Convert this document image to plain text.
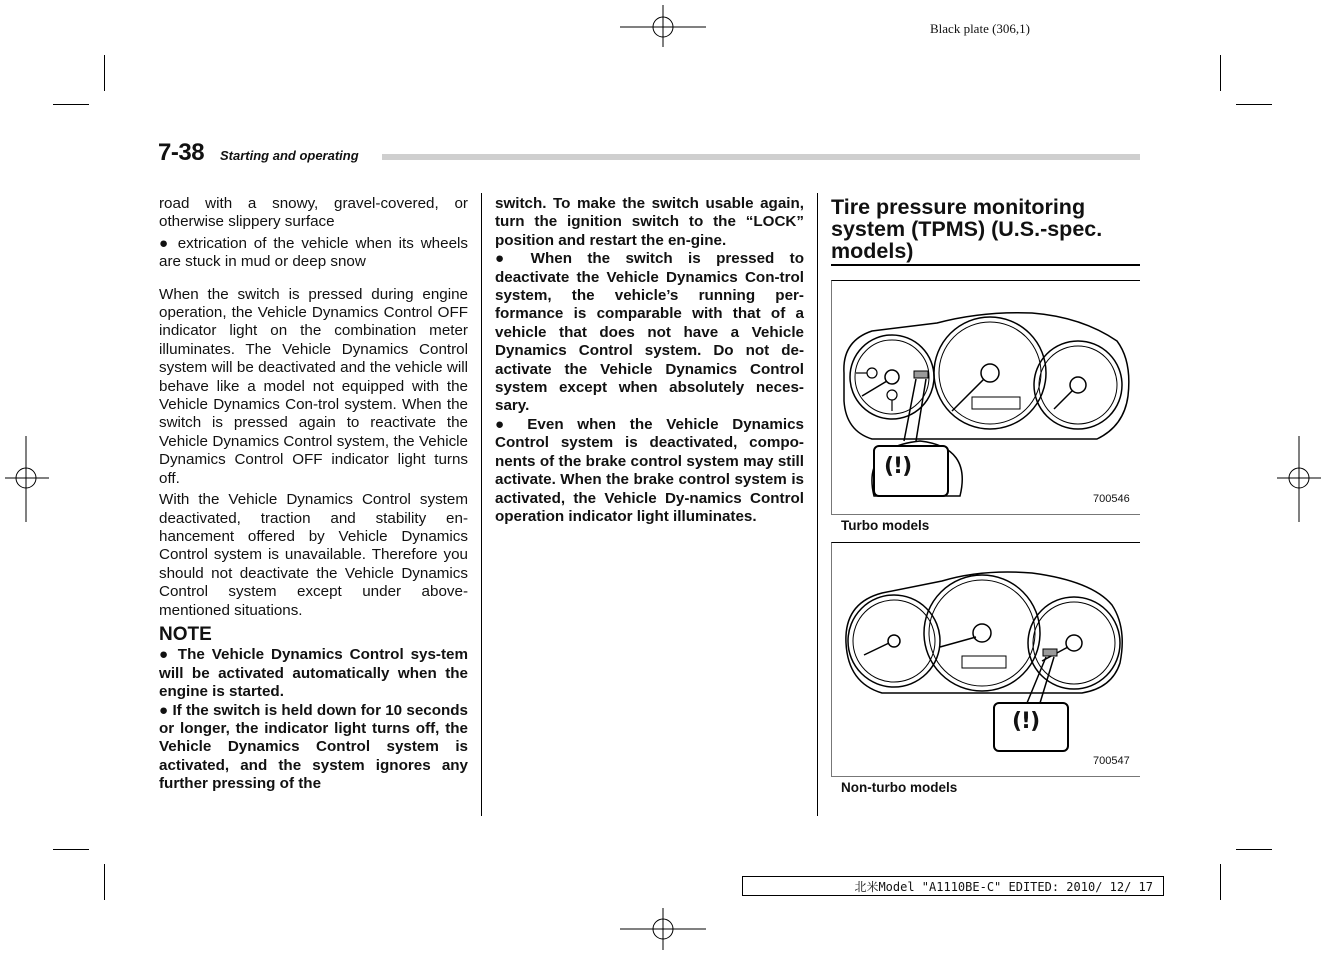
Black plate (306,1)
7-38 Starting and operating

road with a snowy, gravel-covered, or otherwise slippery surface

● extrication of the vehicle when its wheels are stuck in mud or deep snow

When the switch is pressed during engine operation, the Vehicle Dynamics Control OFF indicator light on the combination meter illuminates. The Vehicle Dynamics Control system will be deactivated and the vehicle will behave like a model not equipped with the Vehicle Dynamics Con-trol system. When the switch is pressed again to reactivate the Vehicle Dynamics Control system, the Vehicle Dynamics Control OFF indicator light turns off.

With the Vehicle Dynamics Control system deactivated, traction and stability en-hancement offered by Vehicle Dynamics Control system is unavailable. Therefore you should not deactivate the Vehicle Dynamics Control system except under above-mentioned situations.

NOTE

● The Vehicle Dynamics Control sys-tem will be activated automatically when the engine is started.

● If the switch is held down for 10 seconds or longer, the indicator light turns off, the Vehicle Dynamics Control system is activated, and the system ignores any further pressing of the

switch. To make the switch usable again, turn the ignition switch to the “LOCK” position and restart the en-gine.

● When the switch is pressed to deactivate the Vehicle Dynamics Con-trol system, the vehicle’s running per-formance is comparable with that of a vehicle that does not have a Vehicle Dynamics Control system. Do not de-activate the Vehicle Dynamics Control system except when absolutely neces-sary.

● Even when the Vehicle Dynamics Control system is deactivated, compo-nents of the brake control system may still activate. When the brake control system is activated, the Vehicle Dy-namics Control operation indicator light illuminates.

Tire pressure monitoring system (TPMS) (U.S.-spec. models)
(!)
700546
Turbo models
(!)
700547
Non-turbo models
北米Model "A1110BE-C" EDITED: 2010/ 12/ 17
